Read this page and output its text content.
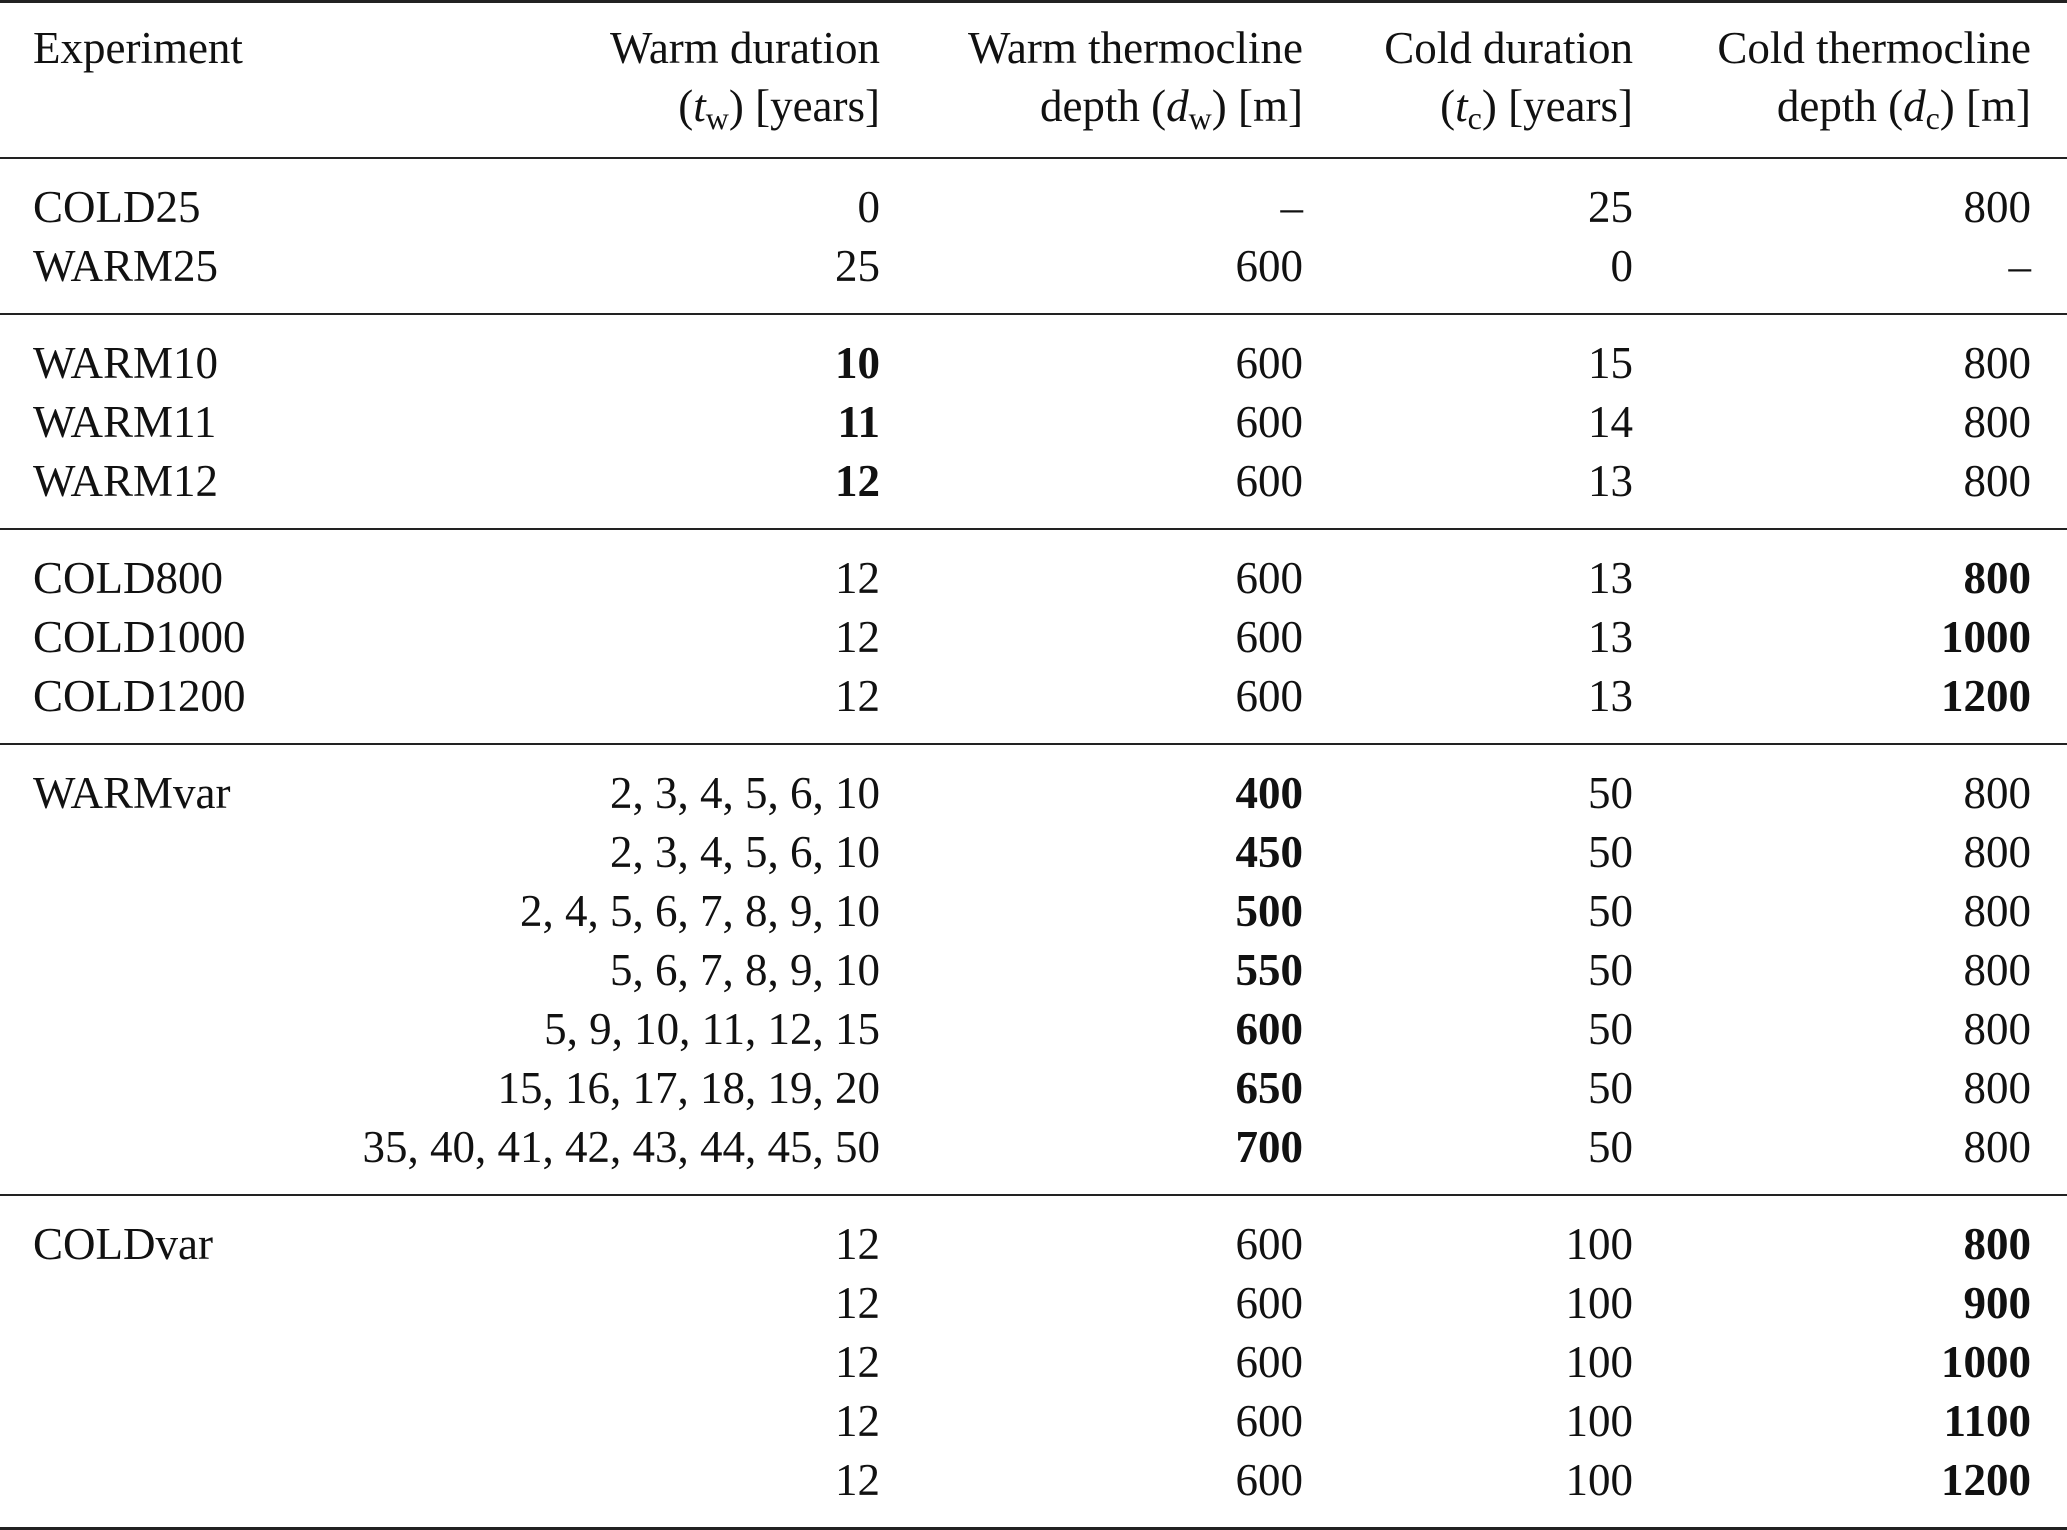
Experiment	Warm duration	Warm thermocline	Cold duration	Cold thermocline
	$(t_w)$ [years]	depth $(d_w)$ [m]	$(t_c)$ [years]	depth $(d_c)$ [m]
COLD25	0	–	25	800
WARM25	25	600	0	–
WARM10	10	600	15	800
WARM11	11	600	14	800
WARM12	12	600	13	800
COLD800	12	600	13	800
COLD1000	12	600	13	1000
COLD1200	12	600	13	1200
WARMvar	2, 3, 4, 5, 6, 10	400	50	800
	2, 3, 4, 5, 6, 10	450	50	800
	2, 4, 5, 6, 7, 8, 9, 10	500	50	800
	5, 6, 7, 8, 9, 10	550	50	800
	5, 9, 10, 11, 12, 15	600	50	800
	15, 16, 17, 18, 19, 20	650	50	800
	35, 40, 41, 42, 43, 44, 45, 50	700	50	800
COLDvar	12	600	100	800
	12	600	100	900
	12	600	100	1000
	12	600	100	1100
	12	600	100	1200
